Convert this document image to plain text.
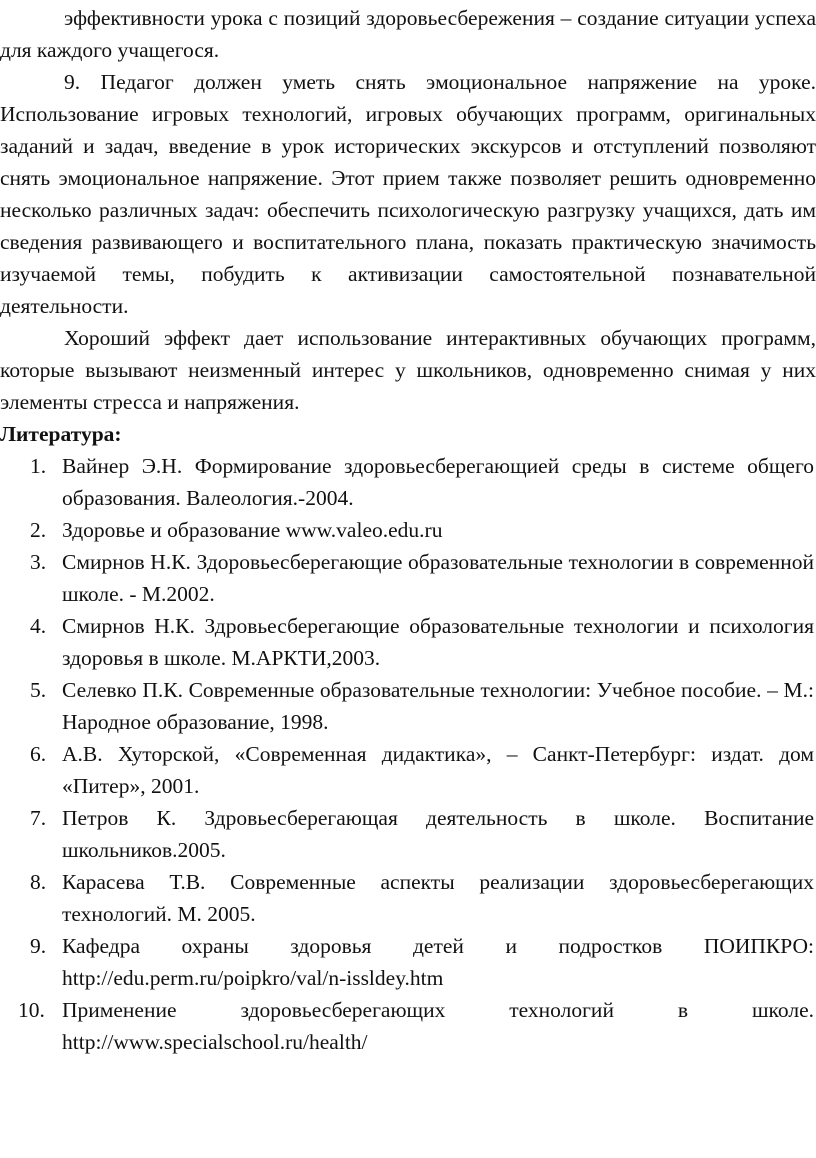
эффективности урока с позиций здоровьесбережения – создание ситуации успеха для каждого учащегося.

9. Педагог должен уметь снять эмоциональное напряжение на уроке. Использование игровых технологий, игровых обучающих программ, оригинальных заданий и задач, введение в урок исторических экскурсов и отступлений позволяют снять эмоциональное напряжение. Этот прием также позволяет решить одновременно несколько различных задач: обеспечить психологическую разгрузку учащихся, дать им сведения развивающего и воспитательного плана, показать практическую значимость изучаемой темы, побудить к активизации самостоятельной познавательной деятельности.

Хороший эффект дает использование интерактивных обучающих программ, которые вызывают неизменный интерес у школьников, одновременно снимая у них элементы стресса и напряжения.

Литература:

1. Вайнер Э.Н. Формирование здоровьесберегающией среды в системе общего образования. Валеология.-2004.
2. Здоровье и образование www.valeo.edu.ru
3. Смирнов Н.К. Здоровьесберегающие образовательные технологии в современной школе. - М.2002.
4. Смирнов Н.К. Здровьесберегающие образовательные технологии и психология здоровья в школе. М.АРКТИ,2003.
5. Селевко П.К. Современные образовательные технологии: Учебное пособие. – М.: Народное образование, 1998.
6. А.В. Хуторской, «Современная дидактика», – Санкт-Петербург: издат. дом «Питер», 2001.
7. Петров К. Здровьесберегающая деятельность в школе. Воспитание школьников.2005.
8. Карасева Т.В. Современные аспекты реализации здоровьесберегающих технологий. М. 2005.
9. Кафедра охраны здоровья детей и подростков ПОИПКРО: http://edu.perm.ru/poipkro/val/n-issldey.htm
10. Применение здоровьесберегающих технологий в школе. http://www.specialschool.ru/health/
